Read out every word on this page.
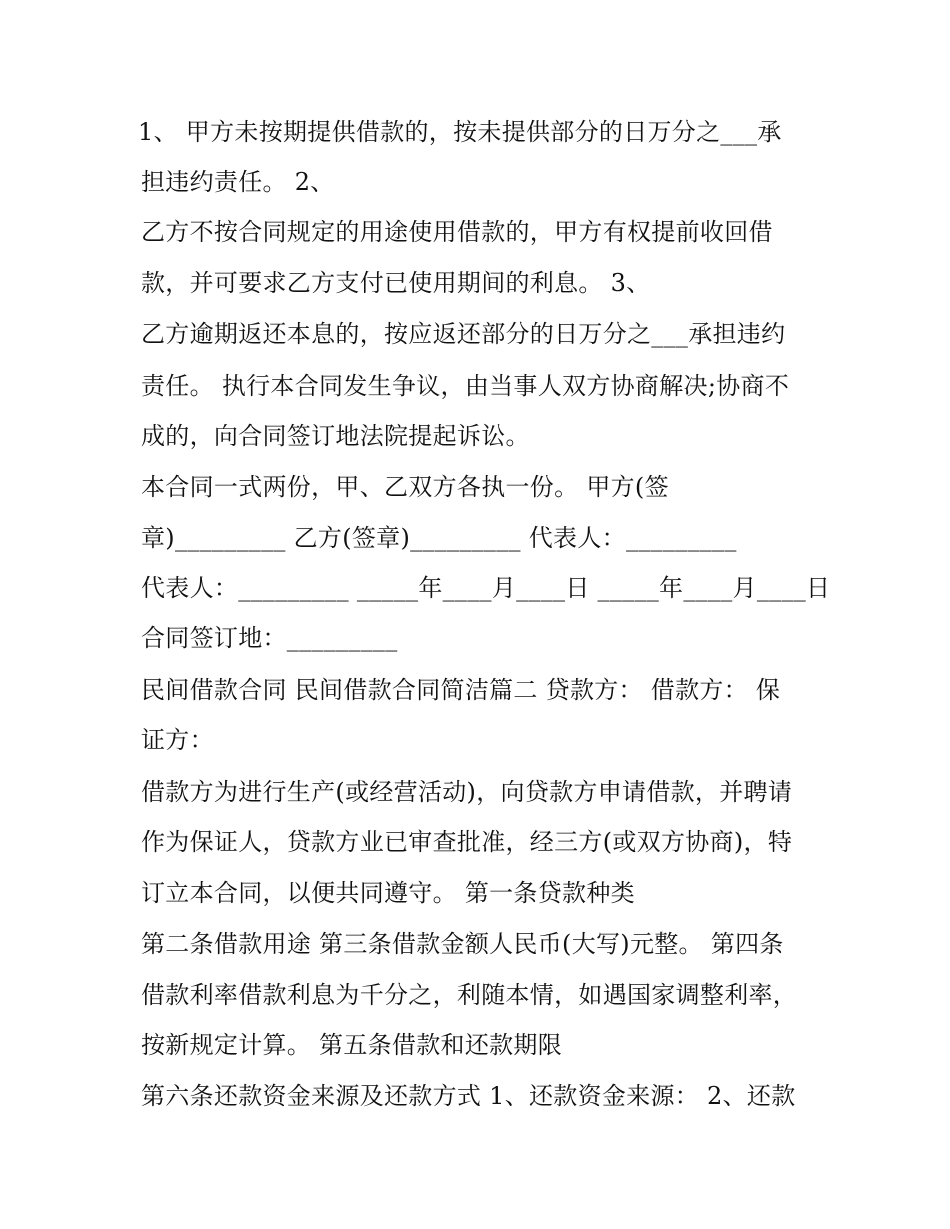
1、 甲方未按期提供借款的，按未提供部分的日万分之___承
担违约责任。 2、
乙方不按合同规定的用途使用借款的，甲方有权提前收回借
款，并可要求乙方支付已使用期间的利息。 3、
乙方逾期返还本息的，按应返还部分的日万分之___承担违约
责任。 执行本合同发生争议，由当事人双方协商解决;协商不
成的，向合同签订地法院提起诉讼。
本合同一式两份，甲、乙双方各执一份。 甲方(签
章)_________ 乙方(签章)_________ 代表人：_________
代表人：_________ _____年____月____日 _____年____月____日
合同签订地：_________
民间借款合同 民间借款合同简洁篇二 贷款方： 借款方： 保
证方：
借款方为进行生产(或经营活动)，向贷款方申请借款，并聘请
作为保证人，贷款方业已审查批准，经三方(或双方协商)，特
订立本合同，以便共同遵守。 第一条贷款种类
第二条借款用途 第三条借款金额人民币(大写)元整。 第四条
借款利率借款利息为千分之，利随本情，如遇国家调整利率，
按新规定计算。 第五条借款和还款期限
第六条还款资金来源及还款方式 1、还款资金来源： 2、还款
